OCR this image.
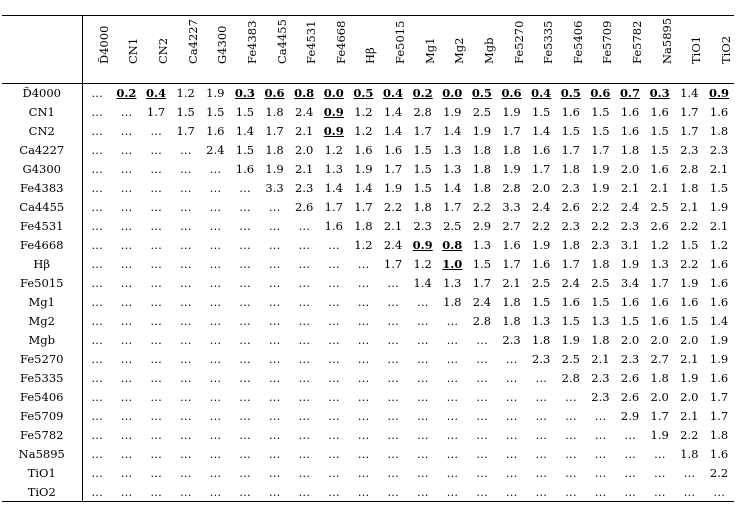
	D̃4000	CN1	CN2	Ca4227	G4300	Fe4383	Ca4455	Fe4531	Fe4668	Hβ	Fe5015	Mg1	Mg2	Mgb	Fe5270	Fe5335	Fe5406	Fe5709	Fe5782	Na5895	TiO1	TiO2

D̃4000	…	0.2	0.4	1.2	1.9	0.3	0.6	0.8	0.0	0.5	0.4	0.2	0.0	0.5	0.6	0.4	0.5	0.6	0.7	0.3	1.4	0.9
CN1	…	…	1.7	1.5	1.5	1.5	1.8	2.4	0.9	1.2	1.4	2.8	1.9	2.5	1.9	1.5	1.6	1.5	1.6	1.6	1.7	1.6
CN2	…	…	…	1.7	1.6	1.4	1.7	2.1	0.9	1.2	1.4	1.7	1.4	1.9	1.7	1.4	1.5	1.5	1.6	1.5	1.7	1.8
Ca4227	…	…	…	…	2.4	1.5	1.8	2.0	1.2	1.6	1.6	1.5	1.3	1.8	1.8	1.6	1.7	1.7	1.8	1.5	2.3	2.3
G4300	…	…	…	…	…	1.6	1.9	2.1	1.3	1.9	1.7	1.5	1.3	1.8	1.9	1.7	1.8	1.9	2.0	1.6	2.8	2.1
Fe4383	…	…	…	…	…	…	3.3	2.3	1.4	1.4	1.9	1.5	1.4	1.8	2.8	2.0	2.3	1.9	2.1	2.1	1.8	1.5
Ca4455	…	…	…	…	…	…	…	2.6	1.7	1.7	2.2	1.8	1.7	2.2	3.3	2.4	2.6	2.2	2.4	2.5	2.1	1.9
Fe4531	…	…	…	…	…	…	…	…	1.6	1.8	2.1	2.3	2.5	2.9	2.7	2.2	2.3	2.2	2.3	2.6	2.2	2.1
Fe4668	…	…	…	…	…	…	…	…	…	1.2	2.4	0.9	0.8	1.3	1.6	1.9	1.8	2.3	3.1	1.2	1.5	1.2
Hβ	…	…	…	…	…	…	…	…	…	…	1.7	1.2	1.0	1.5	1.7	1.6	1.7	1.8	1.9	1.3	2.2	1.6
Fe5015	…	…	…	…	…	…	…	…	…	…	…	1.4	1.3	1.7	2.1	2.5	2.4	2.5	3.4	1.7	1.9	1.6
Mg1	…	…	…	…	…	…	…	…	…	…	…	…	1.8	2.4	1.8	1.5	1.6	1.5	1.6	1.6	1.6	1.6
Mg2	…	…	…	…	…	…	…	…	…	…	…	…	…	2.8	1.8	1.3	1.5	1.3	1.5	1.6	1.5	1.4
Mgb	…	…	…	…	…	…	…	…	…	…	…	…	…	…	2.3	1.8	1.9	1.8	2.0	2.0	2.0	1.9
Fe5270	…	…	…	…	…	…	…	…	…	…	…	…	…	…	…	2.3	2.5	2.1	2.3	2.7	2.1	1.9
Fe5335	…	…	…	…	…	…	…	…	…	…	…	…	…	…	…	…	2.8	2.3	2.6	1.8	1.9	1.6
Fe5406	…	…	…	…	…	…	…	…	…	…	…	…	…	…	…	…	…	2.3	2.6	2.0	2.0	1.7
Fe5709	…	…	…	…	…	…	…	…	…	…	…	…	…	…	…	…	…	…	2.9	1.7	2.1	1.7
Fe5782	…	…	…	…	…	…	…	…	…	…	…	…	…	…	…	…	…	…	…	1.9	2.2	1.8
Na5895	…	…	…	…	…	…	…	…	…	…	…	…	…	…	…	…	…	…	…	…	1.8	1.6
TiO1	…	…	…	…	…	…	…	…	…	…	…	…	…	…	…	…	…	…	…	…	…	2.2
TiO2	…	…	…	…	…	…	…	…	…	…	…	…	…	…	…	…	…	…	…	…	…	…
